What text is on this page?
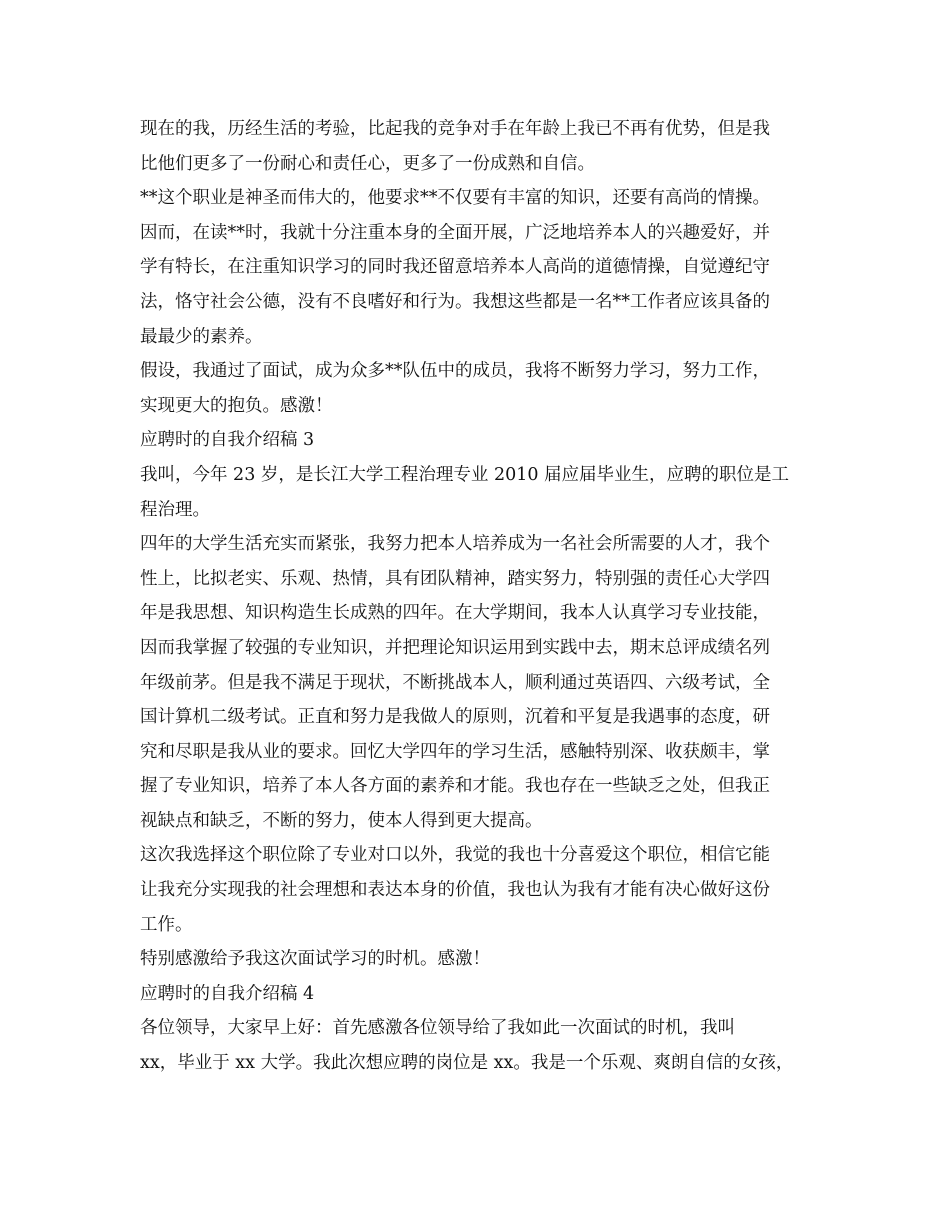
现在的我，历经生活的考验，比起我的竞争对手在年龄上我已不再有优势，但是我
比他们更多了一份耐心和责任心，更多了一份成熟和自信。
**这个职业是神圣而伟大的，他要求**不仅要有丰富的知识，还要有高尚的情操。
因而，在读**时，我就十分注重本身的全面开展，广泛地培养本人的兴趣爱好，并
学有特长，在注重知识学习的同时我还留意培养本人高尚的道德情操，自觉遵纪守
法，恪守社会公德，没有不良嗜好和行为。我想这些都是一名**工作者应该具备的
最最少的素养。
假设，我通过了面试，成为众多**队伍中的成员，我将不断努力学习，努力工作，
实现更大的抱负。感激！
应聘时的自我介绍稿 3
我叫，今年 23 岁，是长江大学工程治理专业 2010 届应届毕业生，应聘的职位是工
程治理。
四年的大学生活充实而紧张，我努力把本人培养成为一名社会所需要的人才，我个
性上，比拟老实、乐观、热情，具有团队精神，踏实努力，特别强的责任心大学四
年是我思想、知识构造生长成熟的四年。在大学期间，我本人认真学习专业技能，
因而我掌握了较强的专业知识，并把理论知识运用到实践中去，期末总评成绩名列
年级前茅。但是我不满足于现状，不断挑战本人，顺利通过英语四、六级考试，全
国计算机二级考试。正直和努力是我做人的原则，沉着和平复是我遇事的态度，研
究和尽职是我从业的要求。回忆大学四年的学习生活，感触特别深、收获颇丰，掌
握了专业知识，培养了本人各方面的素养和才能。我也存在一些缺乏之处，但我正
视缺点和缺乏，不断的努力，使本人得到更大提高。
这次我选择这个职位除了专业对口以外，我觉的我也十分喜爱这个职位，相信它能
让我充分实现我的社会理想和表达本身的价值，我也认为我有才能有决心做好这份
工作。
特别感激给予我这次面试学习的时机。感激！
应聘时的自我介绍稿 4
各位领导，大家早上好：首先感激各位领导给了我如此一次面试的时机，我叫
xx，毕业于 xx 大学。我此次想应聘的岗位是 xx。我是一个乐观、爽朗自信的女孩，
